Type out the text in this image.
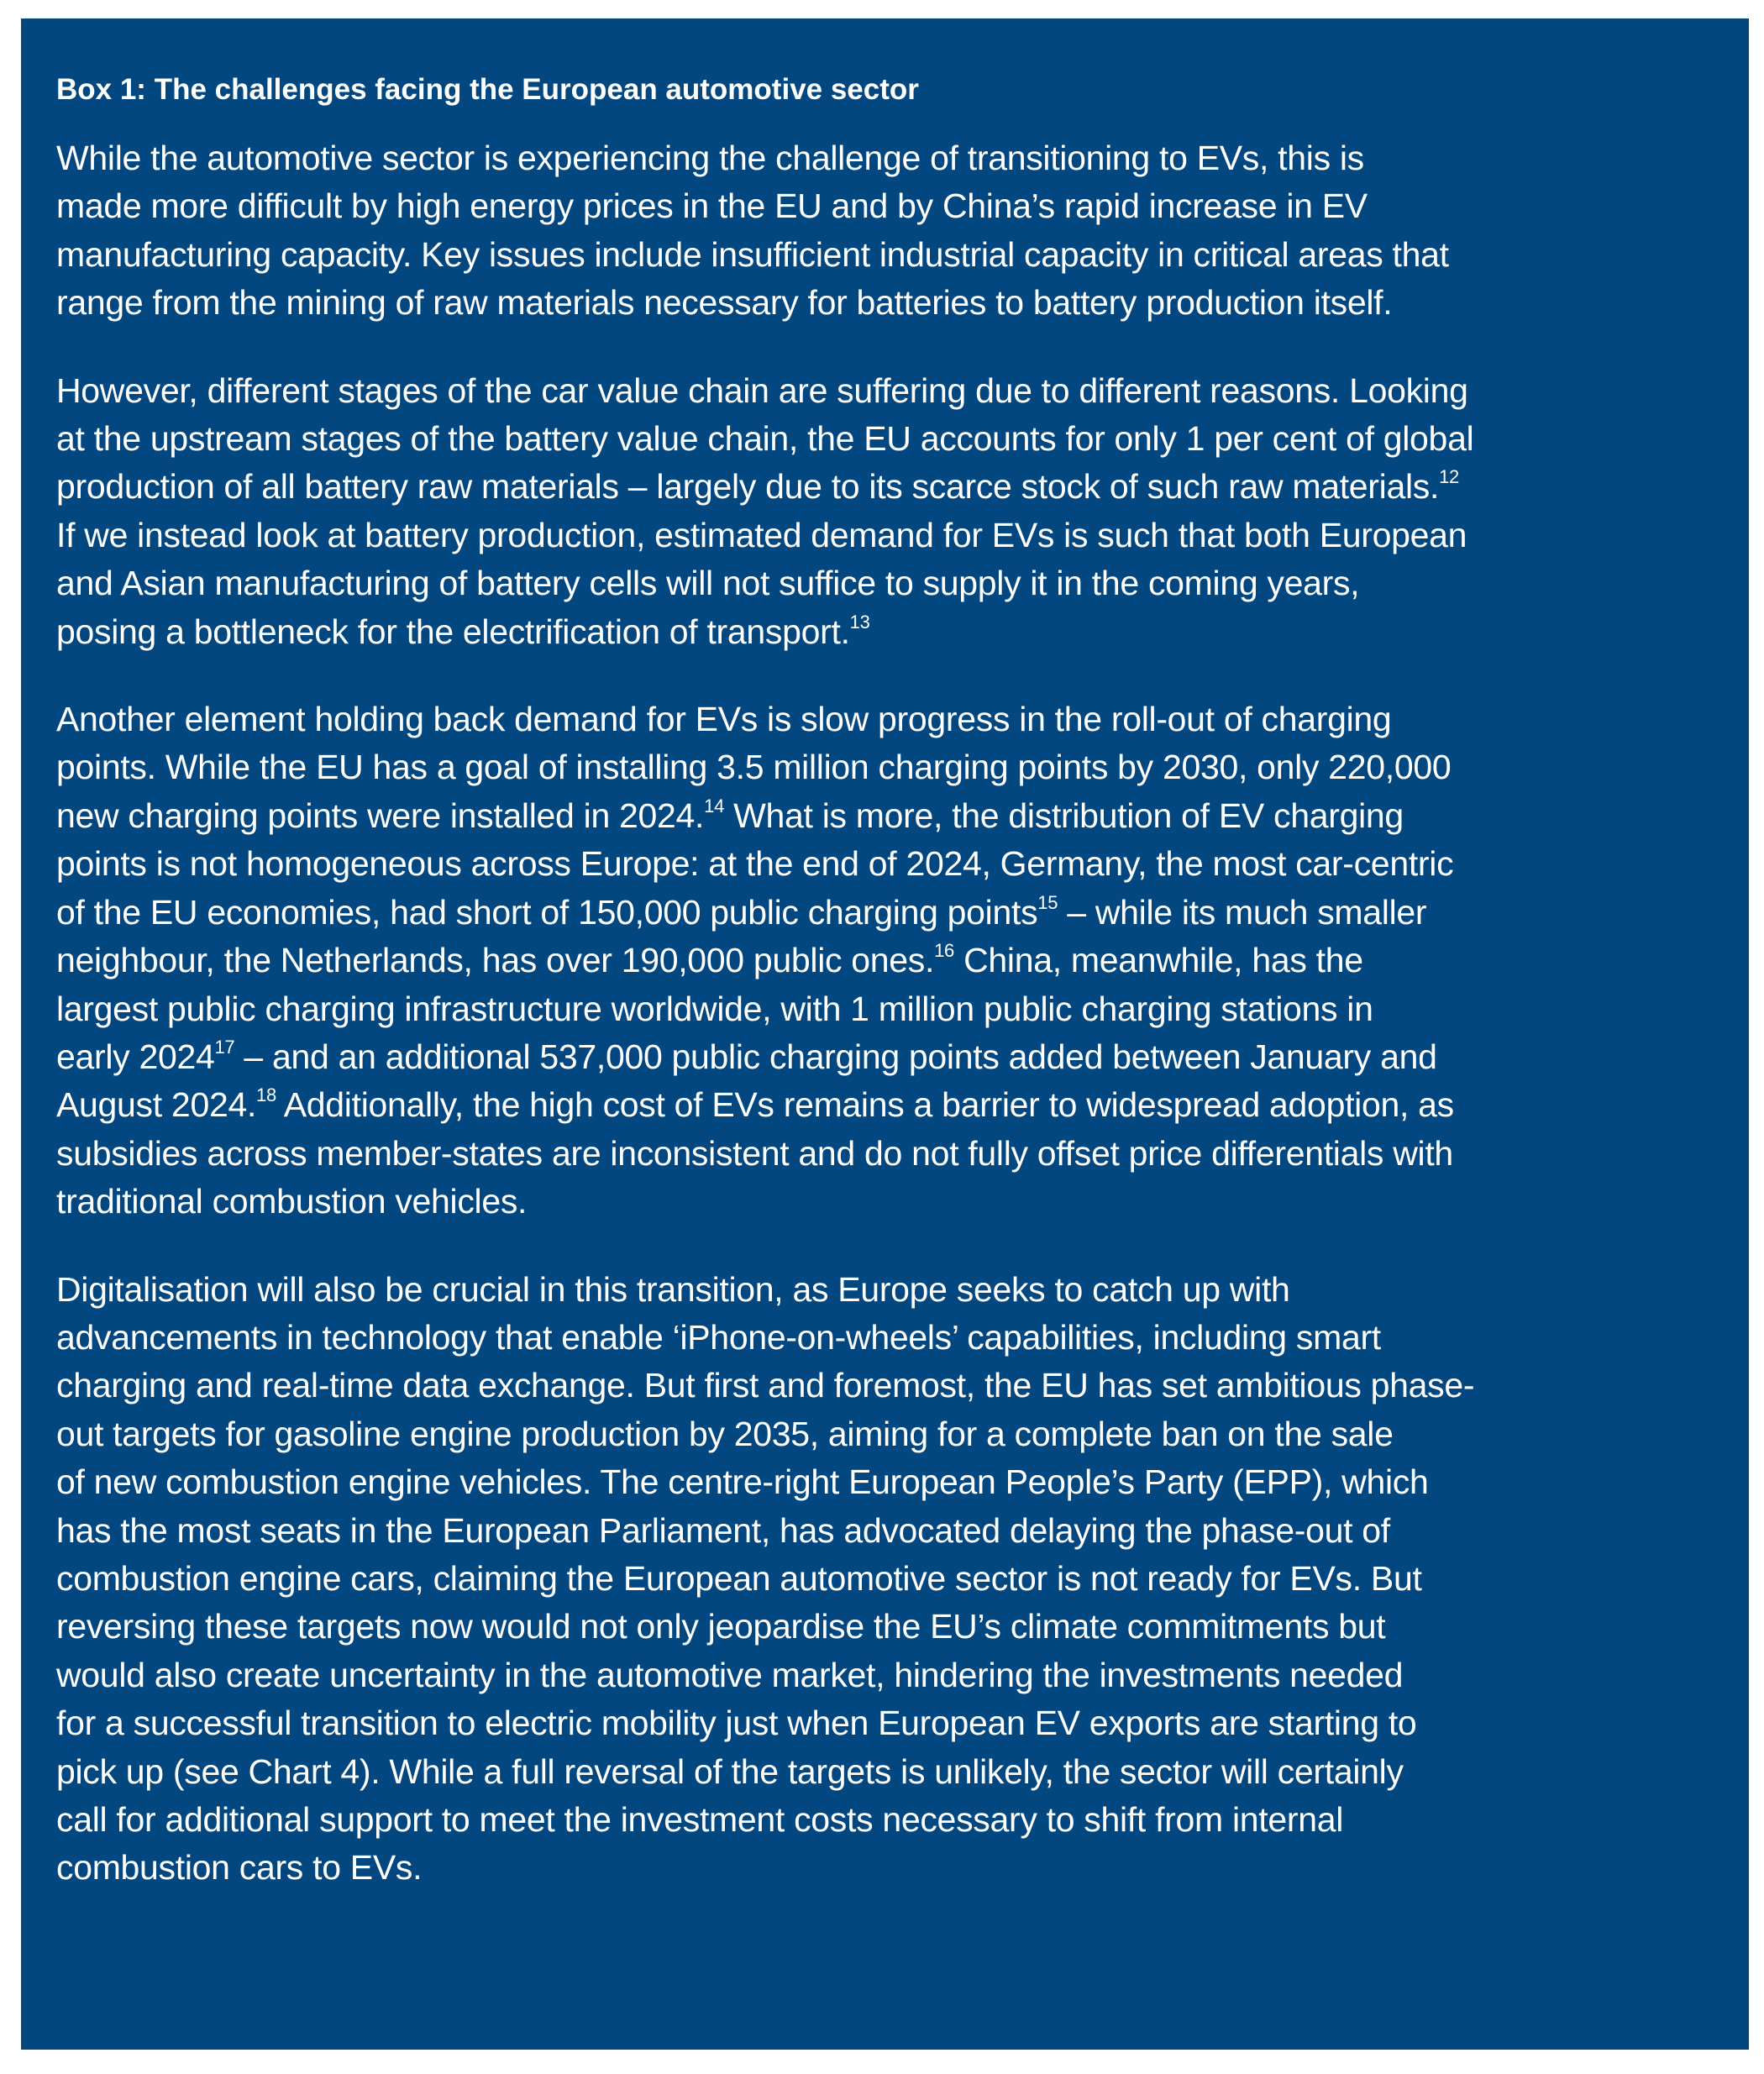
Box 1: The challenges facing the European automotive sector
While the automotive sector is experiencing the challenge of transitioning to EVs, this is
made more difficult by high energy prices in the EU and by China’s rapid increase in EV
manufacturing capacity. Key issues include insufficient industrial capacity in critical areas that
range from the mining of raw materials necessary for batteries to battery production itself.
However, different stages of the car value chain are suffering due to different reasons. Looking
at the upstream stages of the battery value chain, the EU accounts for only 1 per cent of global
production of all battery raw materials – largely due to its scarce stock of such raw materials.$^{12}$
If we instead look at battery production, estimated demand for EVs is such that both European
and Asian manufacturing of battery cells will not suffice to supply it in the coming years,
posing a bottleneck for the electrification of transport.$^{13}$
Another element holding back demand for EVs is slow progress in the roll-out of charging
points. While the EU has a goal of installing 3.5 million charging points by 2030, only 220,000
new charging points were installed in 2024.14 What is more, the distribution of EV charging
points is not homogeneous across Europe: at the end of 2024, Germany, the most car-centric
of the EU economies, had short of 150,000 public charging points$^{15}$ – while its much smaller
neighbour, the Netherlands, has over 190,000 public ones.$^{16}$ China, meanwhile, has the
largest public charging infrastructure worldwide, with 1 million public charging stations in
early 2024$^{17}$ – and an additional 537,000 public charging points added between January and
August 2024.18 Additionally, the high cost of EVs remains a barrier to widespread adoption, as
subsidies across member-states are inconsistent and do not fully offset price differentials with
traditional combustion vehicles.
Digitalisation will also be crucial in this transition, as Europe seeks to catch up with
advancements in technology that enable ‘iPhone-on-wheels’ capabilities, including smart
charging and real-time data exchange. But first and foremost, the EU has set ambitious phase-
out targets for gasoline engine production by 2035, aiming for a complete ban on the sale
of new combustion engine vehicles. The centre-right European People’s Party (EPP), which
has the most seats in the European Parliament, has advocated delaying the phase-out of
combustion engine cars, claiming the European automotive sector is not ready for EVs. But
reversing these targets now would not only jeopardise the EU’s climate commitments but
would also create uncertainty in the automotive market, hindering the investments needed
for a successful transition to electric mobility just when European EV exports are starting to
pick up (see Chart 4). While a full reversal of the targets is unlikely, the sector will certainly
call for additional support to meet the investment costs necessary to shift from internal
combustion cars to EVs.
